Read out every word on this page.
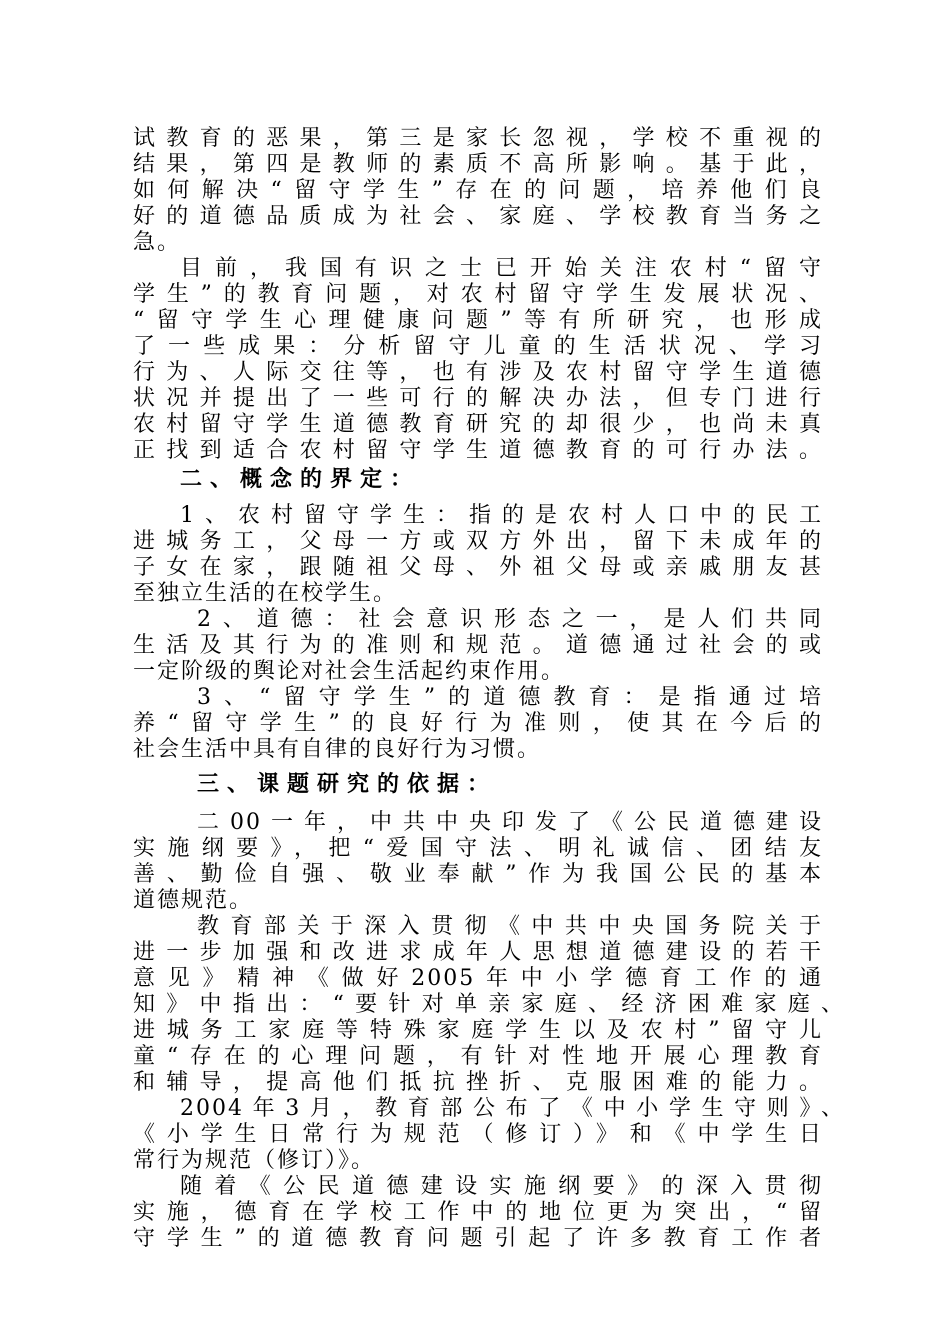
试教育的恶果，第三是家长忽视，学校不重视的
结果，第四是教师的素质不高所影响。基于此，
如何解决“留守学生”存在的问题，培养他们良
好的道德品质成为社会、家庭、学校教育当务之
急。
目前，我国有识之士已开始关注农村“留守
学生”的教育问题，对农村留守学生发展状况、
“留守学生心理健康问题”等有所研究，也形成
了一些成果：分析留守儿童的生活状况、学习
行为、人际交往等，也有涉及农村留守学生道德
状况并提出了一些可行的解决办法，但专门进行
农村留守学生道德教育研究的却很少，也尚未真
正找到适合农村留守学生道德教育的可行办法。
二、概念的界定：
1、农村留守学生：指的是农村人口中的民工
进城务工，父母一方或双方外出，留下未成年的
子女在家，跟随祖父母、外祖父母或亲戚朋友甚
至独立生活的在校学生。
2、道德：社会意识形态之一，是人们共同
生活及其行为的准则和规范。道德通过社会的或
一定阶级的舆论对社会生活起约束作用。
3、“留守学生”的道德教育：是指通过培
养“留守学生”的良好行为准则，使其在今后的
社会生活中具有自律的良好行为习惯。
三、课题研究的依据：
二00一年，中共中央印发了《公民道德建设
实施纲要》，把“爱国守法、明礼诚信、团结友
善、勤俭自强、敬业奉献”作为我国公民的基本
道德规范。
教育部关于深入贯彻《中共中央国务院关于
进一步加强和改进求成年人思想道德建设的若干
意见》精神《做好2005年中小学德育工作的通
知》中指出：“要针对单亲家庭、经济困难家庭、
进城务工家庭等特殊家庭学生以及农村”留守儿
童“存在的心理问题，有针对性地开展心理教育
和辅导，提高他们抵抗挫折、克服困难的能力。
2004年3月，教育部公布了《中小学生守则》、
《小学生日常行为规范（修订）》和《中学生日
常行为规范（修订）》。
随着《公民道德建设实施纲要》的深入贯彻
实施，德育在学校工作中的地位更为突出，“留
守学生”的道德教育问题引起了许多教育工作者
